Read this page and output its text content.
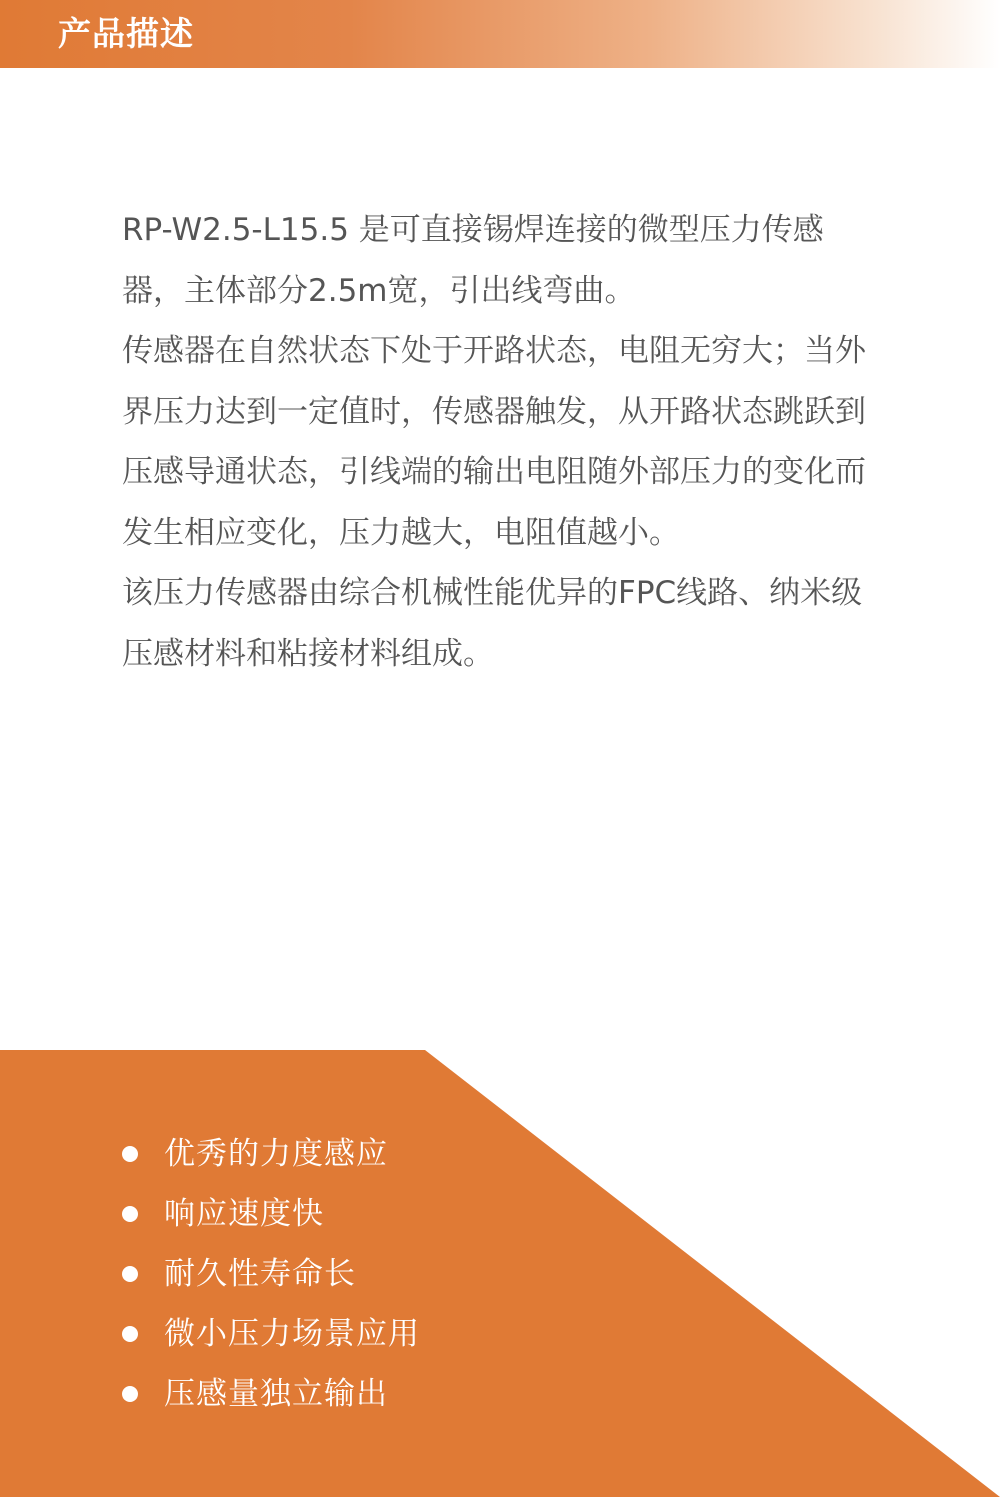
产品描述

RP-W2.5-L15.5 是可直接锡焊连接的微型压力传感器，主体部分2.5m宽，引出线弯曲。

传感器在自然状态下处于开路状态，电阻无穷大；当外界压力达到一定值时，传感器触发，从开路状态跳跃到压感导通状态，引线端的输出电阻随外部压力的变化而发生相应变化，压力越大，电阻值越小。

该压力传感器由综合机械性能优异的FPC线路、纳米级压感材料和粘接材料组成。

优秀的力度感应
响应速度快
耐久性寿命长
微小压力场景应用
压感量独立输出
